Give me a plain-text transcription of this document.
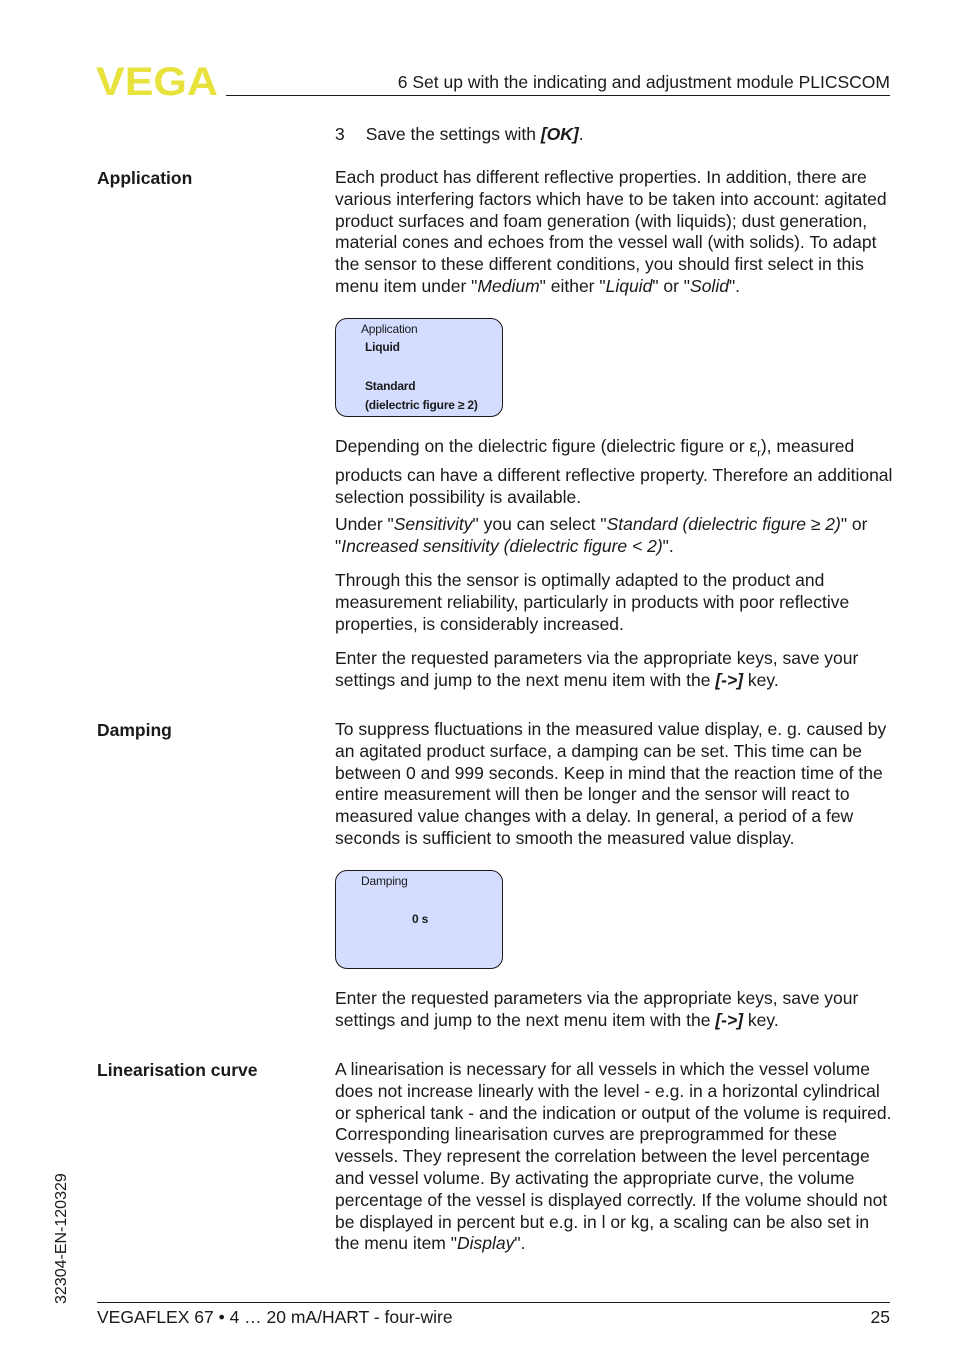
VEGA	6 Set up with the indicating and adjustment module PLICSCOM
3 Save the settings with [OK].
Application	Each product has different reflective properties. In addition, there are various interfering factors which have to be taken into account: agitated product surfaces and foam generation (with liquids); dust generation, material cones and echoes from the vessel wall (with solids). To adapt the sensor to these different conditions, you should first select in this menu item under "Medium" either "Liquid" or "Solid".
Application
Liquid
Standard
(dielectric figure ≥ 2)
Depending on the dielectric figure (dielectric figure or $\varepsilon_r$), measured products can have a different reflective property. Therefore an additional selection possibility is available.
Under "Sensitivity" you can select "Standard (dielectric figure ≥ 2)" or "Increased sensitivity (dielectric figure < 2)".
Through this the sensor is optimally adapted to the product and measurement reliability, particularly in products with poor reflective properties, is considerably increased.
Enter the requested parameters via the appropriate keys, save your settings and jump to the next menu item with the [->] key.
Damping	To suppress fluctuations in the measured value display, e. g. caused by an agitated product surface, a damping can be set. This time can be between 0 and 999 seconds. Keep in mind that the reaction time of the entire measurement will then be longer and the sensor will react to measured value changes with a delay. In general, a period of a few seconds is sufficient to smooth the measured value display.
Damping
0 s
Enter the requested parameters via the appropriate keys, save your settings and jump to the next menu item with the [->] key.
Linearisation curve	A linearisation is necessary for all vessels in which the vessel volume does not increase linearly with the level - e.g. in a horizontal cylindrical or spherical tank - and the indication or output of the volume is required. Corresponding linearisation curves are preprogrammed for these vessels. They represent the correlation between the level percentage and vessel volume. By activating the appropriate curve, the volume percentage of the vessel is displayed correctly. If the volume should not be displayed in percent but e.g. in l or kg, a scaling can be also set in the menu item "Display".
32304-EN-120329
VEGAFLEX 67 • 4 … 20 mA/HART - four-wire	25
